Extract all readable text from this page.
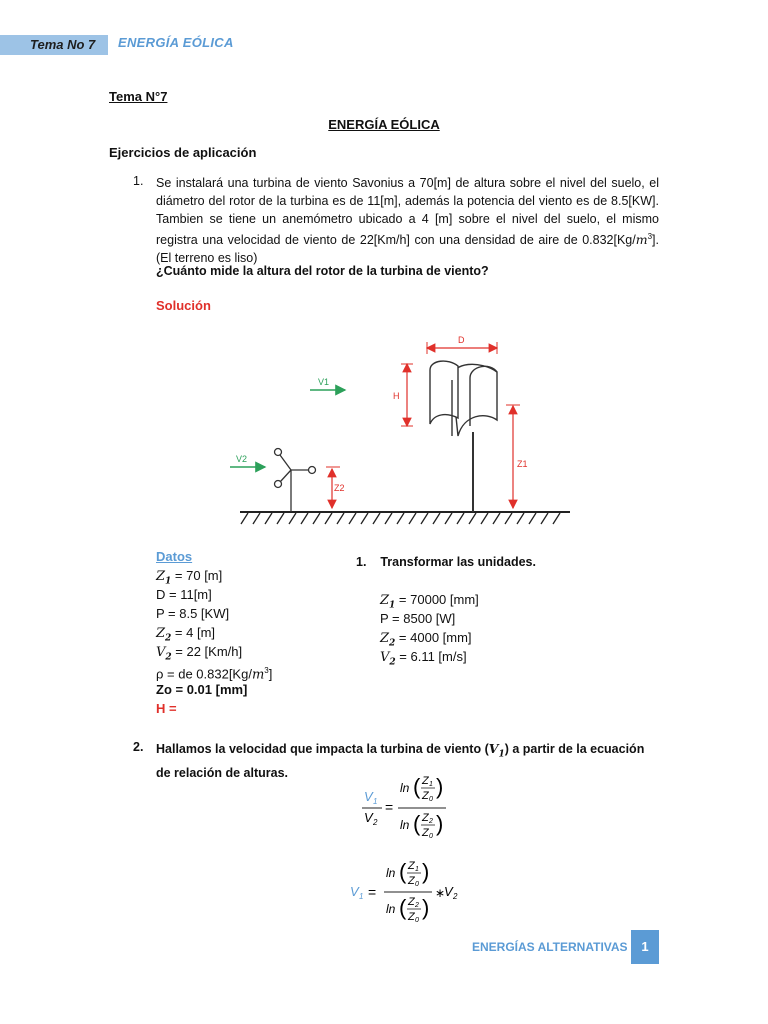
Tema No 7 ENERGÍA EÓLICA
Tema N°7
ENERGÍA EÓLICA
Ejercicios de aplicación
1. Se instalará una turbina de viento Savonius a 70[m] de altura sobre el nivel del suelo, el diámetro del rotor de la turbina es de 11[m], además la potencia del viento es de 8.5[KW]. Tambien se tiene un anemómetro ubicado a 4 [m] sobre el nivel del suelo, el mismo registra una velocidad de viento de 22[Km/h] con una densidad de aire de $0.832[Kg/m^3]$. (El terreno es liso)
¿Cuánto mide la altura del rotor de la turbina de viento?
Solución
D
H
Z1
V1
V2
Z2
Datos
$Z_1 = 70$ [m]
D = 11[m]
P = 8.5 [KW]
$Z_2 = 4$ [m]
$V_2 = 22$ [Km/h]
ρ = de $0.832[Kg/m^3]$
Zo = 0.01 [mm]
H =
1. Transformar las unidades.
$Z_1 = 70000$ [mm]
P = 8500 [W]
$Z_2 = 4000$ [mm]
$V_2 = 6.11$ [m/s]
2. Hallamos la velocidad que impacta la turbina de viento $(V_1)$ a partir de la ecuación de relación de alturas.
V 1
V 2
=
ln ( Z 1
Z 0
)
ln ( Z 2
Z 0
)
V 1 =
ln ( Z 1
Z 0
)
ln ( Z 2
Z 0
)
∗
V 2
ENERGÍAS ALTERNATIVAS	1
